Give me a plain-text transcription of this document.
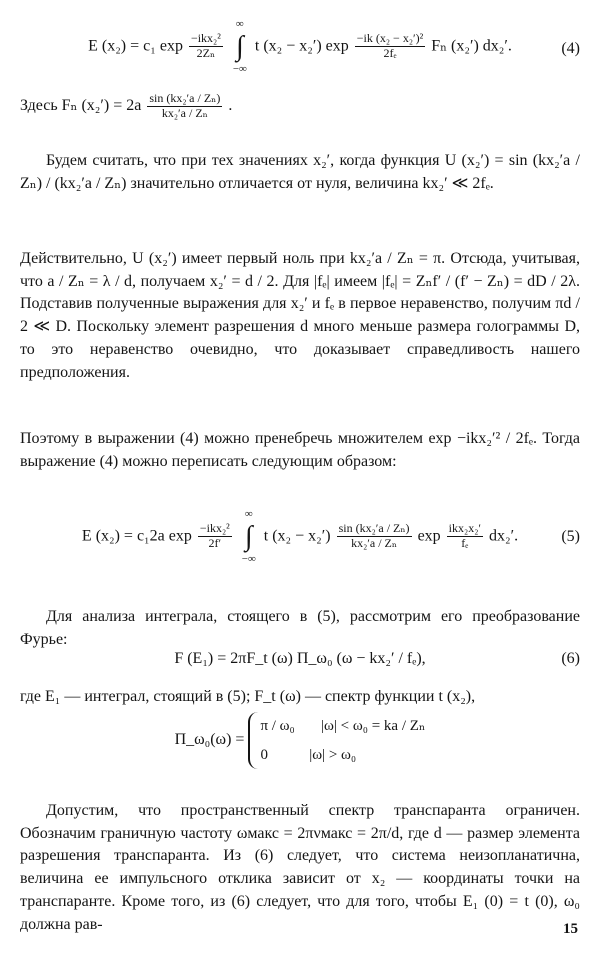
E (x₂) = c₁ $\exp \frac{\text{−ikx₂²}}{\text{2Zₙ}}$

∞
∫
−∞
t (x₂ − x₂′) $\exp \frac{\text{−ik (x₂ − x₂′)²}}{\text{2fₑ}}$ Fₙ (x₂′) dx₂′.	(4)
Здесь Fₙ $(x_2') = 2a \frac{\text{sin (kx₂′a / Zₙ)}}{\text{kx₂′a / Zₙ}}$ .
Будем считать, что при тех значениях x₂′, когда функция U (x₂′) = sin (kx₂′a / Zₙ) / (kx₂′a / Zₙ) значительно отличается от нуля, величина kx₂′ ≪ 2fₑ.
Действительно, U (x₂′) имеет первый ноль при kx₂′a / Zₙ = π. Отсюда, учитывая, что a / Zₙ = λ / d, получаем x₂′ = d / 2. Для |fₑ| имеем |fₑ| = Zₙf′ / (f′ − Zₙ) = dD / 2λ. Подставив полученные выражения для x₂′ и fₑ в первое неравенство, получим πd / 2 ≪ D. Поскольку элемент разрешения d много меньше размера голограммы D, то это неравенство очевидно, что доказывает справедливость нашего предположения.
Поэтому в выражении (4) можно пренебречь множителем exp −ikx₂′² / 2fₑ. Тогда выражение (4) можно переписать следующим образом:
E (x₂) = c₁2a $\exp \frac{\text{−ikx₂²}}{2f'}$

∞
∫
−∞
t $(x_2 - x_2') \frac{\text{sin (kx₂′a / Zₙ)}}{\text{kx₂′a / Zₙ}}$ $\exp \frac{\text{ikx₂x₂′}}{\text{fₑ}} dx_2'$.	(5)
Для анализа интеграла, стоящего в (5), рассмотрим его преобразование Фурье:
F (E₁) = 2πF_t (ω) Π_ω₀ (ω − kx₂′ / fₑ),	(6)
где E₁ — интеграл, стоящий в (5); F_t (ω) — спектр функции t (x₂),
Π_ω₀(ω) = π / ω₀ |ω| < ω₀ = ka / Zₙ
0	|ω| > ω₀
Допустим, что пространственный спектр транспаранта ограничен. Обозначим граничную частоту ωмакс = 2πνмакс = 2π/d, где d — размер элемента разрешения транспаранта. Из (6) следует, что система неизопланатична, величина ее импульсного отклика зависит от x₂ — координаты точки на транспаранте. Кроме того, из (6) следует, что для того, чтобы E₁ (0) = t (0), ω₀ должна рав-	15
